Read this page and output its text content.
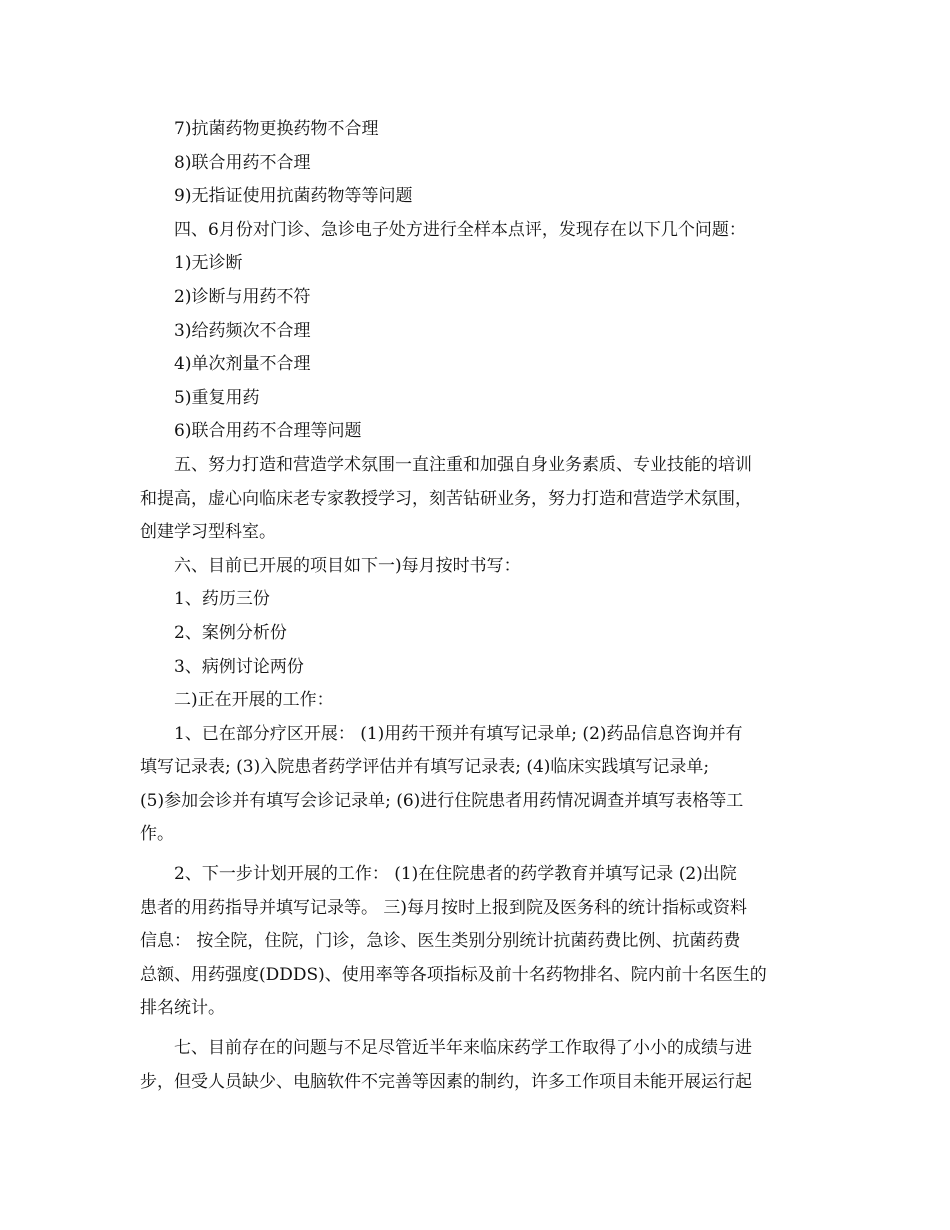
7)抗菌药物更换药物不合理
8)联合用药不合理
9)无指证使用抗菌药物等等问题
四、6月份对门诊、急诊电子处方进行全样本点评，发现存在以下几个问题：
1)无诊断
2)诊断与用药不符
3)给药频次不合理
4)单次剂量不合理
5)重复用药
6)联合用药不合理等问题
五、努力打造和营造学术氛围一直注重和加强自身业务素质、专业技能的培训
和提高，虚心向临床老专家教授学习，刻苦钻研业务，努力打造和营造学术氛围，
创建学习型科室。
六、目前已开展的项目如下一)每月按时书写：
1、药历三份
2、案例分析份
3、病例讨论两份
二)正在开展的工作：
1、已在部分疗区开展： (1)用药干预并有填写记录单; (2)药品信息咨询并有
填写记录表; (3)入院患者药学评估并有填写记录表; (4)临床实践填写记录单;
(5)参加会诊并有填写会诊记录单; (6)进行住院患者用药情况调查并填写表格等工
作。
2、下一步计划开展的工作： (1)在住院患者的药学教育并填写记录 (2)出院
患者的用药指导并填写记录等。 三)每月按时上报到院及医务科的统计指标或资料
信息： 按全院，住院，门诊，急诊、医生类别分别统计抗菌药费比例、抗菌药费
总额、用药强度(DDDS)、使用率等各项指标及前十名药物排名、院内前十名医生的
排名统计。
七、目前存在的问题与不足尽管近半年来临床药学工作取得了小小的成绩与进
步，但受人员缺少、电脑软件不完善等因素的制约，许多工作项目未能开展运行起
